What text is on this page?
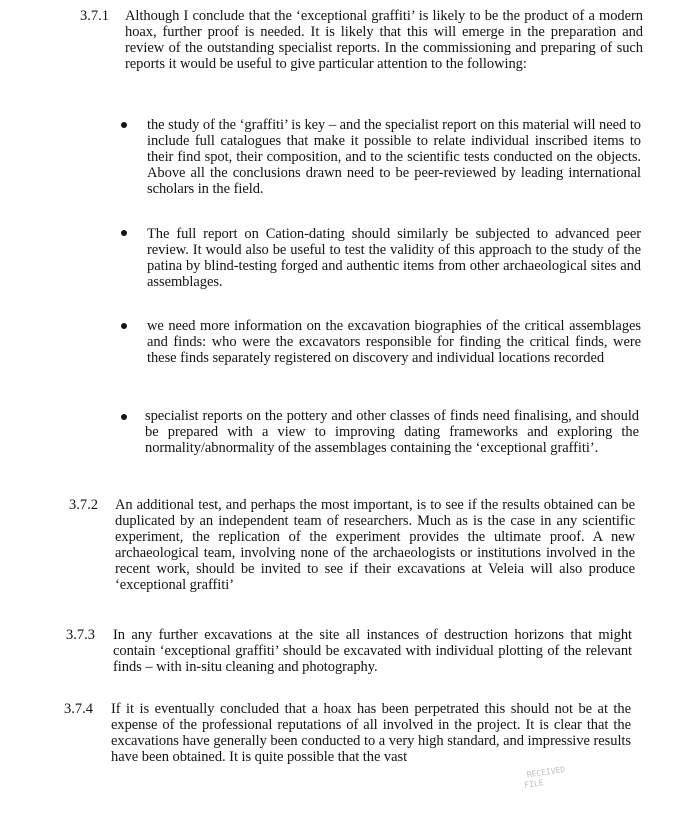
3.7.1 Although I conclude that the ‘exceptional graffiti’ is likely to be the product of a modern hoax, further proof is needed. It is likely that this will emerge in the preparation and review of the outstanding specialist reports. In the commissioning and preparing of such reports it would be useful to give particular attention to the following:
the study of the ‘graffiti’ is key – and the specialist report on this material will need to include full catalogues that make it possible to relate individual inscribed items to their find spot, their composition, and to the scientific tests conducted on the objects. Above all the conclusions drawn need to be peer-reviewed by leading international scholars in the field.
The full report on Cation-dating should similarly be subjected to advanced peer review. It would also be useful to test the validity of this approach to the study of the patina by blind-testing forged and authentic items from other archaeological sites and assemblages.
we need more information on the excavation biographies of the critical assemblages and finds: who were the excavators responsible for finding the critical finds, were these finds separately registered on discovery and individual locations recorded
specialist reports on the pottery and other classes of finds need finalising, and should be prepared with a view to improving dating frameworks and exploring the normality/abnormality of the assemblages containing the ‘exceptional graffiti’.
3.7.2 An additional test, and perhaps the most important, is to see if the results obtained can be duplicated by an independent team of researchers. Much as is the case in any scientific experiment, the replication of the experiment provides the ultimate proof. A new archaeological team, involving none of the archaeologists or institutions involved in the recent work, should be invited to see if their excavations at Veleia will also produce ‘exceptional graffiti’
3.7.3 In any further excavations at the site all instances of destruction horizons that might contain ‘exceptional graffiti’ should be excavated with individual plotting of the relevant finds – with in-situ cleaning and photography.
3.7.4 If it is eventually concluded that a hoax has been perpetrated this should not be at the expense of the professional reputations of all involved in the project. It is clear that the excavations have generally been conducted to a very high standard, and impressive results have been obtained. It is quite possible that the vast
RECEIVED
FILE
